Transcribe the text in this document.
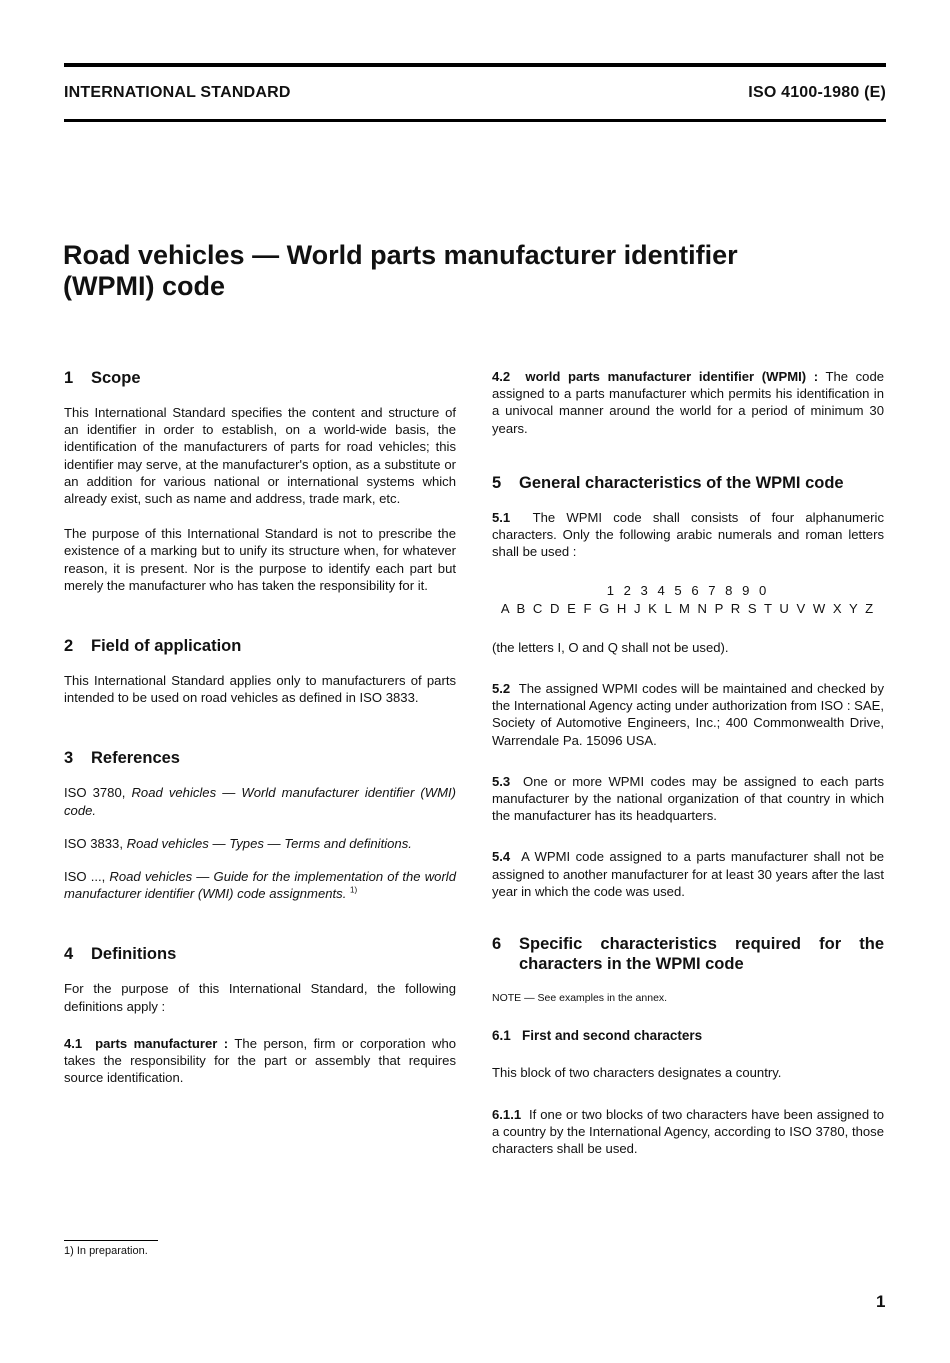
INTERNATIONAL STANDARD	ISO 4100-1980 (E)
Road vehicles — World parts manufacturer identifier
(WPMI) code
1 Scope

This International Standard specifies the content and structure of an identifier in order to establish, on a world-wide basis, the identification of the manufacturers of parts for road vehicles; this identifier may serve, at the manufacturer's option, as a substitute or an addition for various national or international systems which already exist, such as name and address, trade mark, etc.

The purpose of this International Standard is not to prescribe the existence of a marking but to unify its structure when, for whatever reason, it is present. Nor is the purpose to identify each part but merely the manufacturer who has taken the responsibility for it.

2 Field of application

This International Standard applies only to manufacturers of parts intended to be used on road vehicles as defined in ISO 3833.

3 References

ISO 3780, Road vehicles — World manufacturer identifier (WMI) code.

ISO 3833, Road vehicles — Types — Terms and definitions.

ISO ..., Road vehicles — Guide for the implementation of the world manufacturer identifier (WMI) code assignments. $^{1)}$

4 Definitions

For the purpose of this International Standard, the following definitions apply :

4.1 parts manufacturer : The person, firm or corporation who takes the responsibility for the part or assembly that requires source identification.

4.2 world parts manufacturer identifier (WPMI) : The code assigned to a parts manufacturer which permits his identification in a univocal manner around the world for a period of minimum 30 years.

5 General characteristics of the WPMI code

5.1 The WPMI code shall consists of four alphanumeric characters. Only the following arabic numerals and roman letters shall be used :

1 2 3 4 5 6 7 8 9 0

A B C D E F G H J K L M N P R S T U V W X Y Z

(the letters I, O and Q shall not be used).

5.2 The assigned WPMI codes will be maintained and checked by the International Agency acting under authorization from ISO : SAE, Society of Automotive Engineers, Inc.; 400 Commonwealth Drive, Warrendale Pa. 15096 USA.

5.3 One or more WPMI codes may be assigned to each parts manufacturer by the national organization of that country in which the manufacturer has its headquarters.

5.4 A WPMI code assigned to a parts manufacturer shall not be assigned to another manufacturer for at least 30 years after the last year in which the code was used.

6	Specific characteristics required for the characters in the WPMI code

NOTE — See examples in the annex.

6.1 First and second characters

This block of two characters designates a country.

6.1.1 If one or two blocks of two characters have been assigned to a country by the International Agency, according to ISO 3780, those characters shall be used.

1) In preparation.
1
